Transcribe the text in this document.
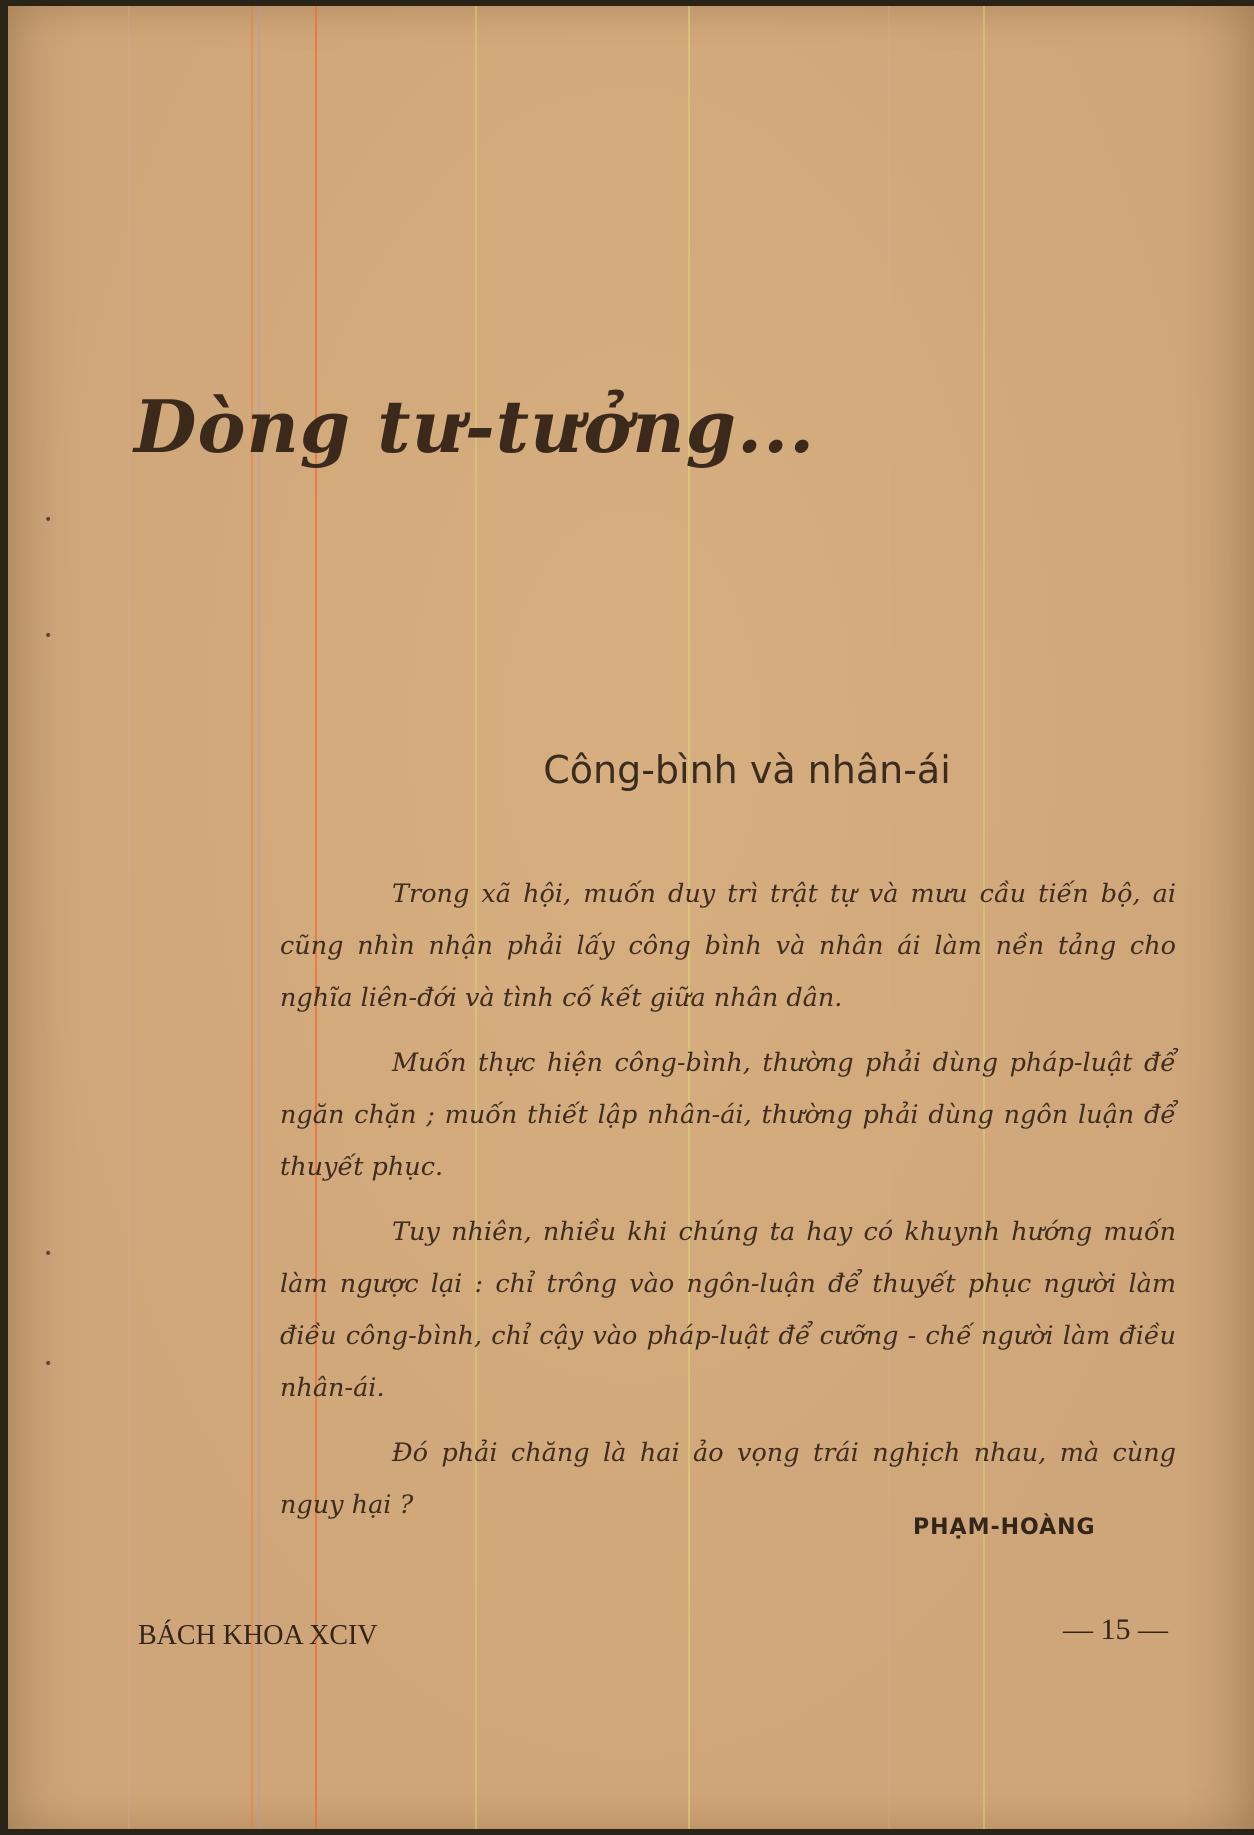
•
•
•
•
Dòng tư-tưởng...
Công-bình và nhân-ái

Trong xã hội, muốn duy trì trật tự và mưu cầu tiến bộ, ai cũng nhìn nhận phải lấy công bình và nhân ái làm nền tảng cho nghĩa liên-đới và tình cố kết giữa nhân dân.

Muốn thực hiện công-bình, thường phải dùng pháp-luật để ngăn chặn ; muốn thiết lập nhân-ái, thường phải dùng ngôn luận để thuyết phục.

Tuy nhiên, nhiều khi chúng ta hay có khuynh hướng muốn làm ngược lại : chỉ trông vào ngôn-luận để thuyết phục người làm điều công-bình, chỉ cậy vào pháp-luật để cưỡng - chế người làm điều nhân-ái.

Đó phải chăng là hai ảo vọng trái nghịch nhau, mà cùng nguy hại ?

PHẠM-HOÀNG
BÁCH KHOA XCIV	— 15 —
